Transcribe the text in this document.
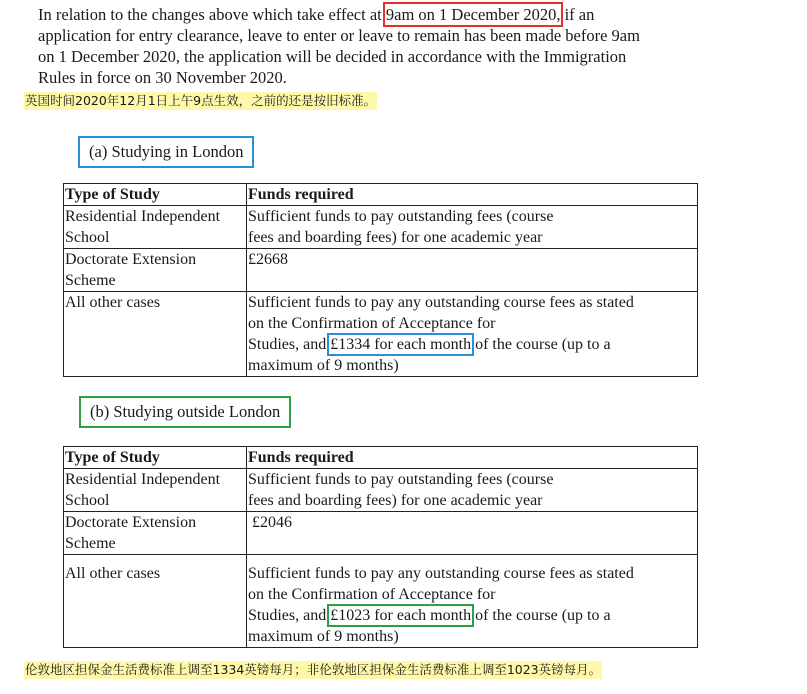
In relation to the changes above which take effect at 9am on 1 December 2020, if an
application for entry clearance, leave to enter or leave to remain has been made before 9am
on 1 December 2020, the application will be decided in accordance with the Immigration
Rules in force on 30 November 2020.
英国时间2020年12月1日上午9点生效，之前的还是按旧标准。
(a) Studying in London
Type of Study	Funds required

Residential Independent
School	Sufficient funds to pay outstanding fees (course
fees and boarding fees) for one academic year

Doctorate Extension
Scheme	£2668

All other cases	Sufficient funds to pay any outstanding course fees as stated
on the Confirmation of Acceptance for
Studies, and £1334 for each month of the course (up to a
maximum of 9 months)
(b) Studying outside London
Type of Study	Funds required

Residential Independent
School	Sufficient funds to pay outstanding fees (course
fees and boarding fees) for one academic year

Doctorate Extension
Scheme	£2046

All other cases	Sufficient funds to pay any outstanding course fees as stated
on the Confirmation of Acceptance for
Studies, and £1023 for each month of the course (up to a
maximum of 9 months)
伦敦地区担保金生活费标准上调至1334英镑每月；非伦敦地区担保金生活费标准上调至1023英镑每月。
